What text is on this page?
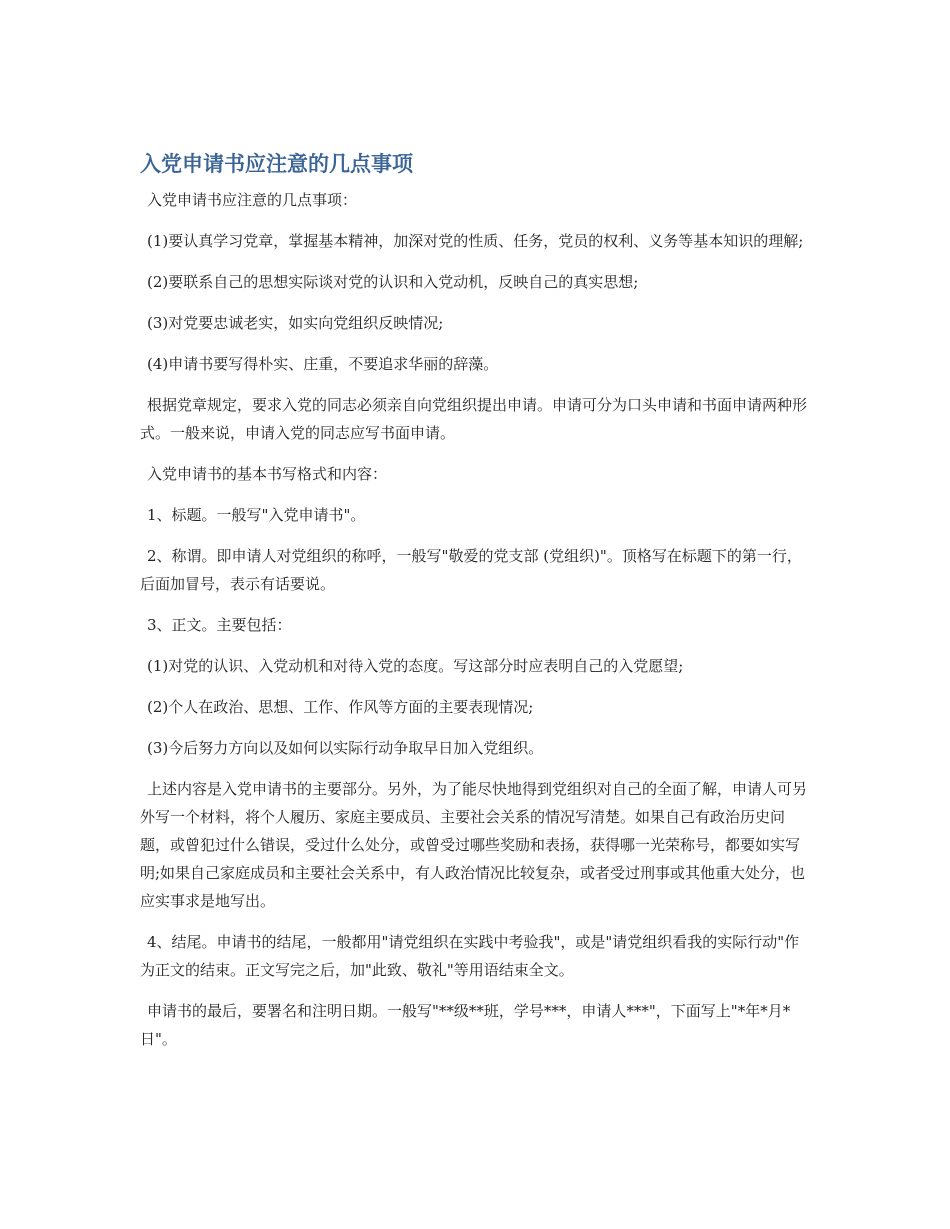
入党申请书应注意的几点事项

入党申请书应注意的几点事项：

(1)要认真学习党章，掌握基本精神，加深对党的性质、任务，党员的权利、义务等基本知识的理解;

(2)要联系自己的思想实际谈对党的认识和入党动机，反映自己的真实思想;

(3)对党要忠诚老实，如实向党组织反映情况;

(4)申请书要写得朴实、庄重，不要追求华丽的辞藻。

根据党章规定，要求入党的同志必须亲自向党组织提出申请。申请可分为口头申请和书面申请两种形式。一般来说，申请入党的同志应写书面申请。

入党申请书的基本书写格式和内容：

1、标题。一般写"入党申请书"。

2、称谓。即申请人对党组织的称呼，一般写"敬爱的党支部 (党组织)"。顶格写在标题下的第一行，后面加冒号，表示有话要说。

3、正文。主要包括：

(1)对党的认识、入党动机和对待入党的态度。写这部分时应表明自己的入党愿望;

(2)个人在政治、思想、工作、作风等方面的主要表现情况;

(3)今后努力方向以及如何以实际行动争取早日加入党组织。

上述内容是入党申请书的主要部分。另外，为了能尽快地得到党组织对自己的全面了解，申请人可另外写一个材料，将个人履历、家庭主要成员、主要社会关系的情况写清楚。如果自己有政治历史问题，或曾犯过什么错误，受过什么处分，或曾受过哪些奖励和表扬，获得哪一光荣称号，都要如实写明;如果自己家庭成员和主要社会关系中，有人政治情况比较复杂，或者受过刑事或其他重大处分，也应实事求是地写出。

4、结尾。申请书的结尾，一般都用"请党组织在实践中考验我"，或是"请党组织看我的实际行动"作为正文的结束。正文写完之后，加"此致、敬礼"等用语结束全文。

申请书的最后，要署名和注明日期。一般写"**级**班，学号***，申请人***"，下面写上"*年*月*日"。
